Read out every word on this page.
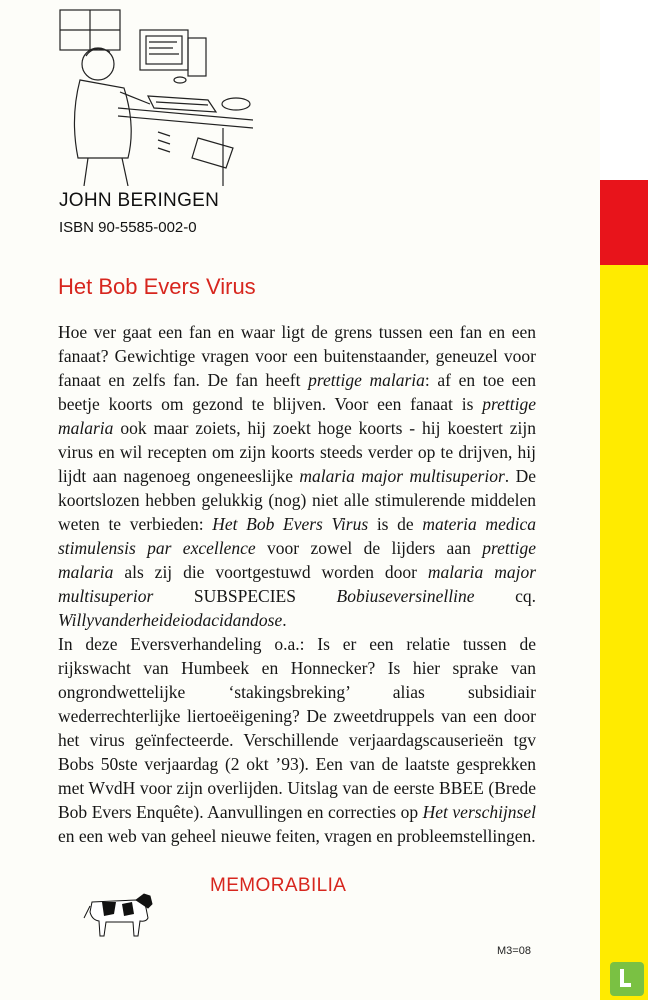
JOHN BERINGEN
ISBN 90-5585-002-0
Het Bob Evers Virus

Hoe ver gaat een fan en waar ligt de grens tussen een fan en een fanaat? Gewichtige vragen voor een buitenstaander, geneuzel voor fanaat en zelfs fan. De fan heeft prettige malaria: af en toe een beetje koorts om gezond te blijven. Voor een fanaat is prettige malaria ook maar zoiets, hij zoekt hoge koorts - hij koestert zijn virus en wil recepten om zijn koorts steeds verder op te drijven, hij lijdt aan nagenoeg ongeneeslijke malaria major multisuperior. De koortslozen hebben gelukkig (nog) niet alle stimulerende middelen weten te verbieden: Het Bob Evers Virus is de materia medica stimulensis par excellence voor zowel de lijders aan prettige malaria als zij die voortgestuwd worden door malaria major multisuperior SUBSPECIES Bobiuseversinelline cq. Willyvanderheideiodacidandose.

In deze Eversverhandeling o.a.: Is er een relatie tussen de rijkswacht van Humbeek en Honnecker? Is hier sprake van ongrondwettelijke ‘stakingsbreking’ alias subsidiair wederrechterlijke liertoeëigening? De zweetdruppels van een door het virus geïnfecteerde. Verschillende verjaardagscauserieën tgv Bobs 50ste verjaardag (2 okt ’93). Een van de laatste gesprekken met WvdH voor zijn overlijden. Uitslag van de eerste BBEE (Brede Bob Evers Enquête). Aanvullingen en correcties op Het verschijnsel en een web van geheel nieuwe feiten, vragen en probleemstellingen.

MEMORABILIA
M3=08
